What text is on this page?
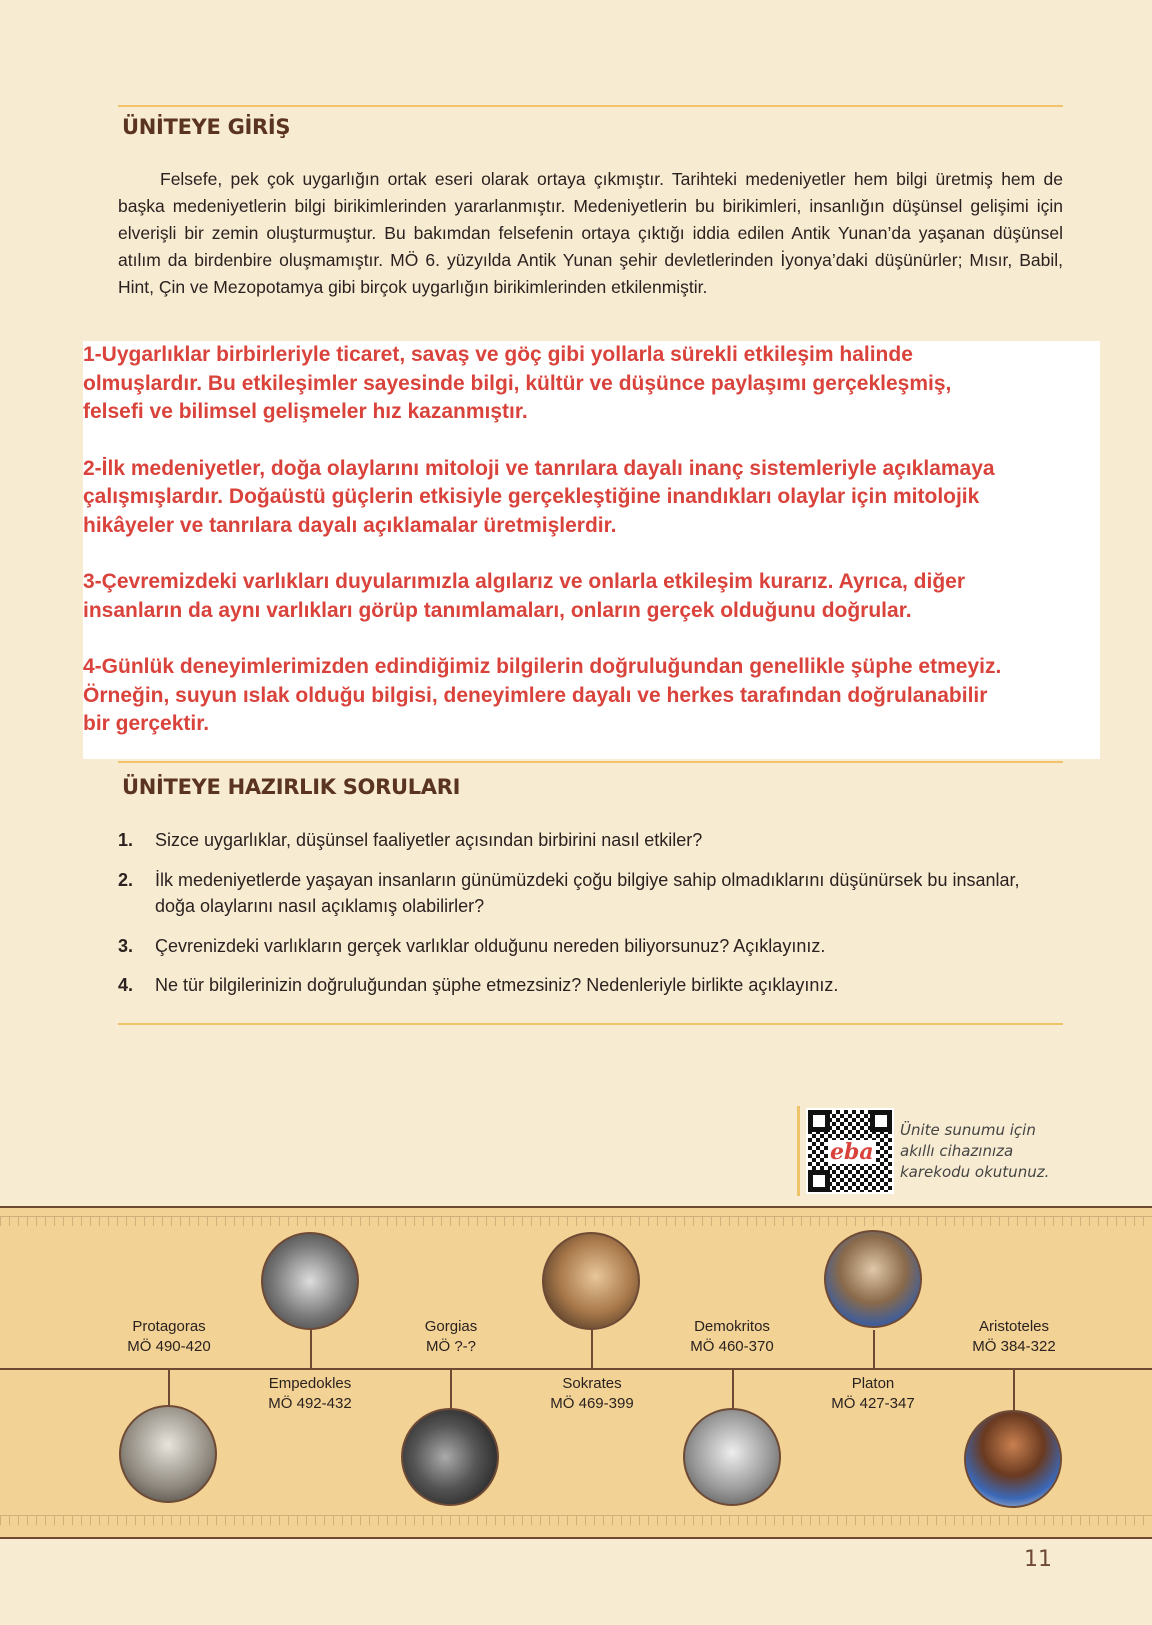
ÜNİTEYE GİRİŞ
Felsefe, pek çok uygarlığın ortak eseri olarak ortaya çıkmıştır. Tarihteki medeniyetler hem bilgi üretmiş hem de başka medeniyetlerin bilgi birikimlerinden yararlanmıştır. Medeniyetlerin bu birikimleri, insanlığın düşünsel gelişimi için elverişli bir zemin oluşturmuştur. Bu bakımdan felsefenin ortaya çıktığı iddia edilen Antik Yunan’da yaşanan düşünsel atılım da birdenbire oluşmamıştır. MÖ 6. yüzyılda Antik Yunan şehir devletlerinden İyonya’daki düşünürler; Mısır, Babil, Hint, Çin ve Mezopotamya gibi birçok uygarlığın birikimlerinden etkilenmiştir.
1-Uygarlıklar birbirleriyle ticaret, savaş ve göç gibi yollarla sürekli etkileşim halinde
olmuşlardır. Bu etkileşimler sayesinde bilgi, kültür ve düşünce paylaşımı gerçekleşmiş,
felsefi ve bilimsel gelişmeler hız kazanmıştır.
2-İlk medeniyetler, doğa olaylarını mitoloji ve tanrılara dayalı inanç sistemleriyle açıklamaya
çalışmışlardır. Doğaüstü güçlerin etkisiyle gerçekleştiğine inandıkları olaylar için mitolojik
hikâyeler ve tanrılara dayalı açıklamalar üretmişlerdir.
3-Çevremizdeki varlıkları duyularımızla algılarız ve onlarla etkileşim kurarız. Ayrıca, diğer
insanların da aynı varlıkları görüp tanımlamaları, onların gerçek olduğunu doğrular.
4-Günlük deneyimlerimizden edindiğimiz bilgilerin doğruluğundan genellikle şüphe etmeyiz.
Örneğin, suyun ıslak olduğu bilgisi, deneyimlere dayalı ve herkes tarafından doğrulanabilir
bir gerçektir.
ÜNİTEYE HAZIRLIK SORULARI
1.	Sizce uygarlıklar, düşünsel faaliyetler açısından birbirini nasıl etkiler?
2.	İlk medeniyetlerde yaşayan insanların günümüzdeki çoğu bilgiye sahip olmadıklarını düşünürsek bu insanlar, doğa olaylarını nasıl açıklamış olabilirler?
3.	Çevrenizdeki varlıkların gerçek varlıklar olduğunu nereden biliyorsunuz? Açıklayınız.
4.	Ne tür bilgilerinizin doğruluğundan şüphe etmezsiniz? Nedenleriyle birlikte açıklayınız.
eba
Ünite sunumu için akıllı cihazınıza karekodu okutunuz.
Protagoras
MÖ 490-420
Empedokles
MÖ 492-432
Gorgias
MÖ ?-?
Sokrates
MÖ 469-399
Demokritos
MÖ 460-370
Platon
MÖ 427-347
Aristoteles
MÖ 384-322
11
